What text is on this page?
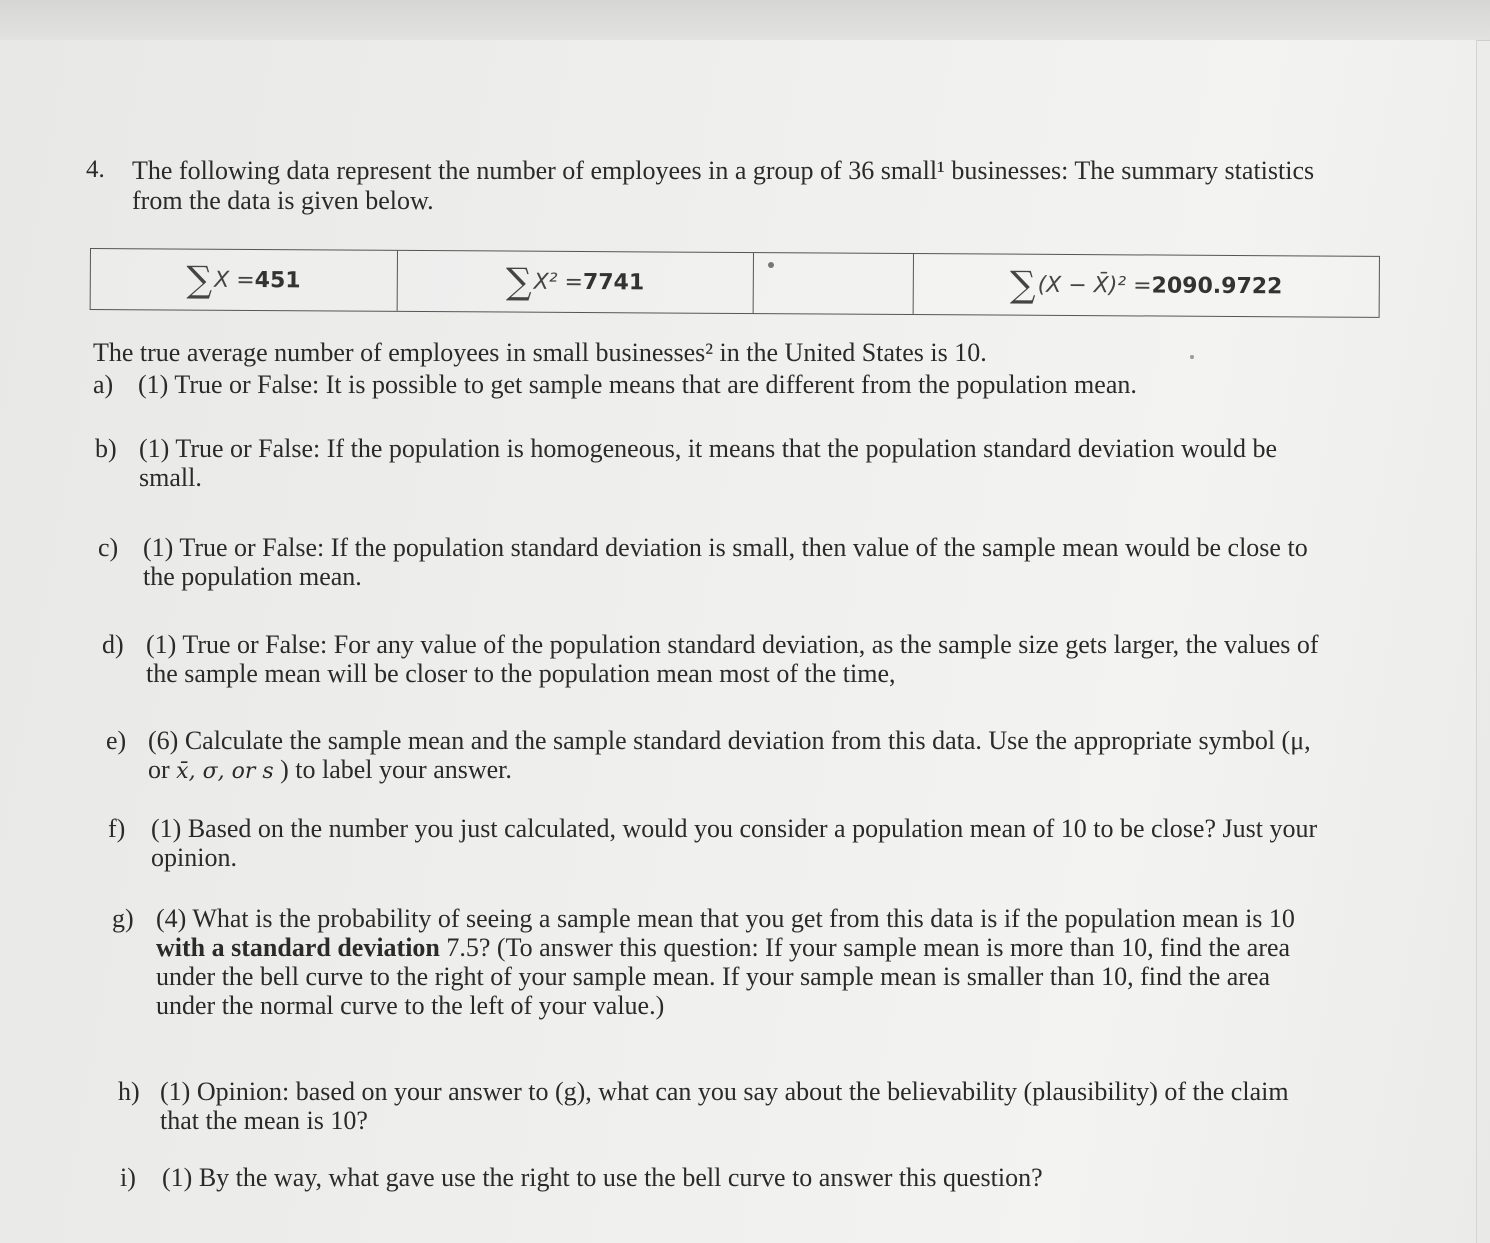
4. The following data represent the number of employees in a group of 36 small¹ businesses: The summary statistics from the data is given below.
∑ X = 451	∑ X² = 7741	∑ (X − X̄)² = 2090.9722
The true average number of employees in small businesses² in the United States is 10.
a) (1) True or False: It is possible to get sample means that are different from the population mean.
b) (1) True or False: If the population is homogeneous, it means that the population standard deviation would be small.
c) (1) True or False: If the population standard deviation is small, then value of the sample mean would be close to the population mean.
d) (1) True or False: For any value of the population standard deviation, as the sample size gets larger, the values of the sample mean will be closer to the population mean most of the time,
e) (6) Calculate the sample mean and the sample standard deviation from this data. Use the appropriate symbol (μ, or x̄, σ, or s ) to label your answer.
f) (1) Based on the number you just calculated, would you consider a population mean of 10 to be close? Just your opinion.
g) (4) What is the probability of seeing a sample mean that you get from this data is if the population mean is 10 with a standard deviation 7.5? (To answer this question: If your sample mean is more than 10, find the area under the bell curve to the right of your sample mean. If your sample mean is smaller than 10, find the area under the normal curve to the left of your value.)
h) (1) Opinion: based on your answer to (g), what can you say about the believability (plausibility) of the claim that the mean is 10?
i)	(1) By the way, what gave use the right to use the bell curve to answer this question?
